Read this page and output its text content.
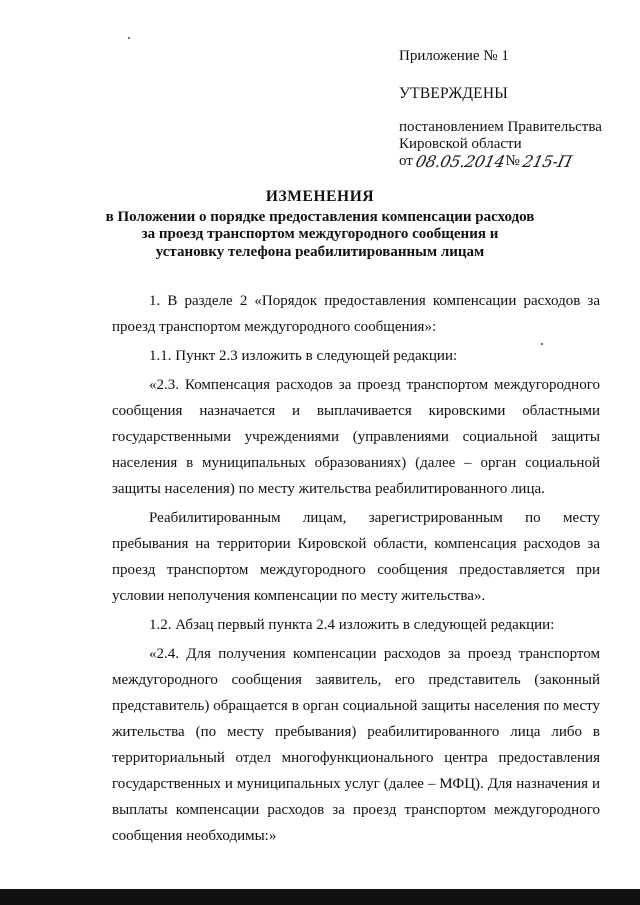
Приложение № 1
УТВЕРЖДЕНЫ
постановлением Правительства
Кировской области
от 08.05.2014
№ 215-П
ИЗМЕНЕНИЯ
в Положении о порядке предоставления компенсации расходов
за проезд транспортом междугородного сообщения и
установку телефона реабилитированным лицам

1. В разделе 2 «Порядок предоставления компенсации расходов за проезд транспортом междугородного сообщения»:

1.1. Пункт 2.3 изложить в следующей редакции:

«2.3. Компенсация расходов за проезд транспортом междугородного сообщения назначается и выплачивается кировскими областными государственными учреждениями (управлениями социальной защиты населения в муниципальных образованиях) (далее – орган социальной защиты населения) по месту жительства реабилитированного лица.

Реабилитированным лицам, зарегистрированным по месту пребывания на территории Кировской области, компенсация расходов за проезд транспортом междугородного сообщения предоставляется при условии неполучения компенсации по месту жительства».

1.2. Абзац первый пункта 2.4 изложить в следующей редакции:

«2.4. Для получения компенсации расходов за проезд транспортом междугородного сообщения заявитель, его представитель (законный представитель) обращается в орган социальной защиты населения по месту жительства (по месту пребывания) реабилитированного лица либо в территориальный отдел многофункционального центра предоставления государственных и муниципальных услуг (далее – МФЦ). Для назначения и выплаты компенсации расходов за проезд транспортом междугородного сообщения необходимы:»
